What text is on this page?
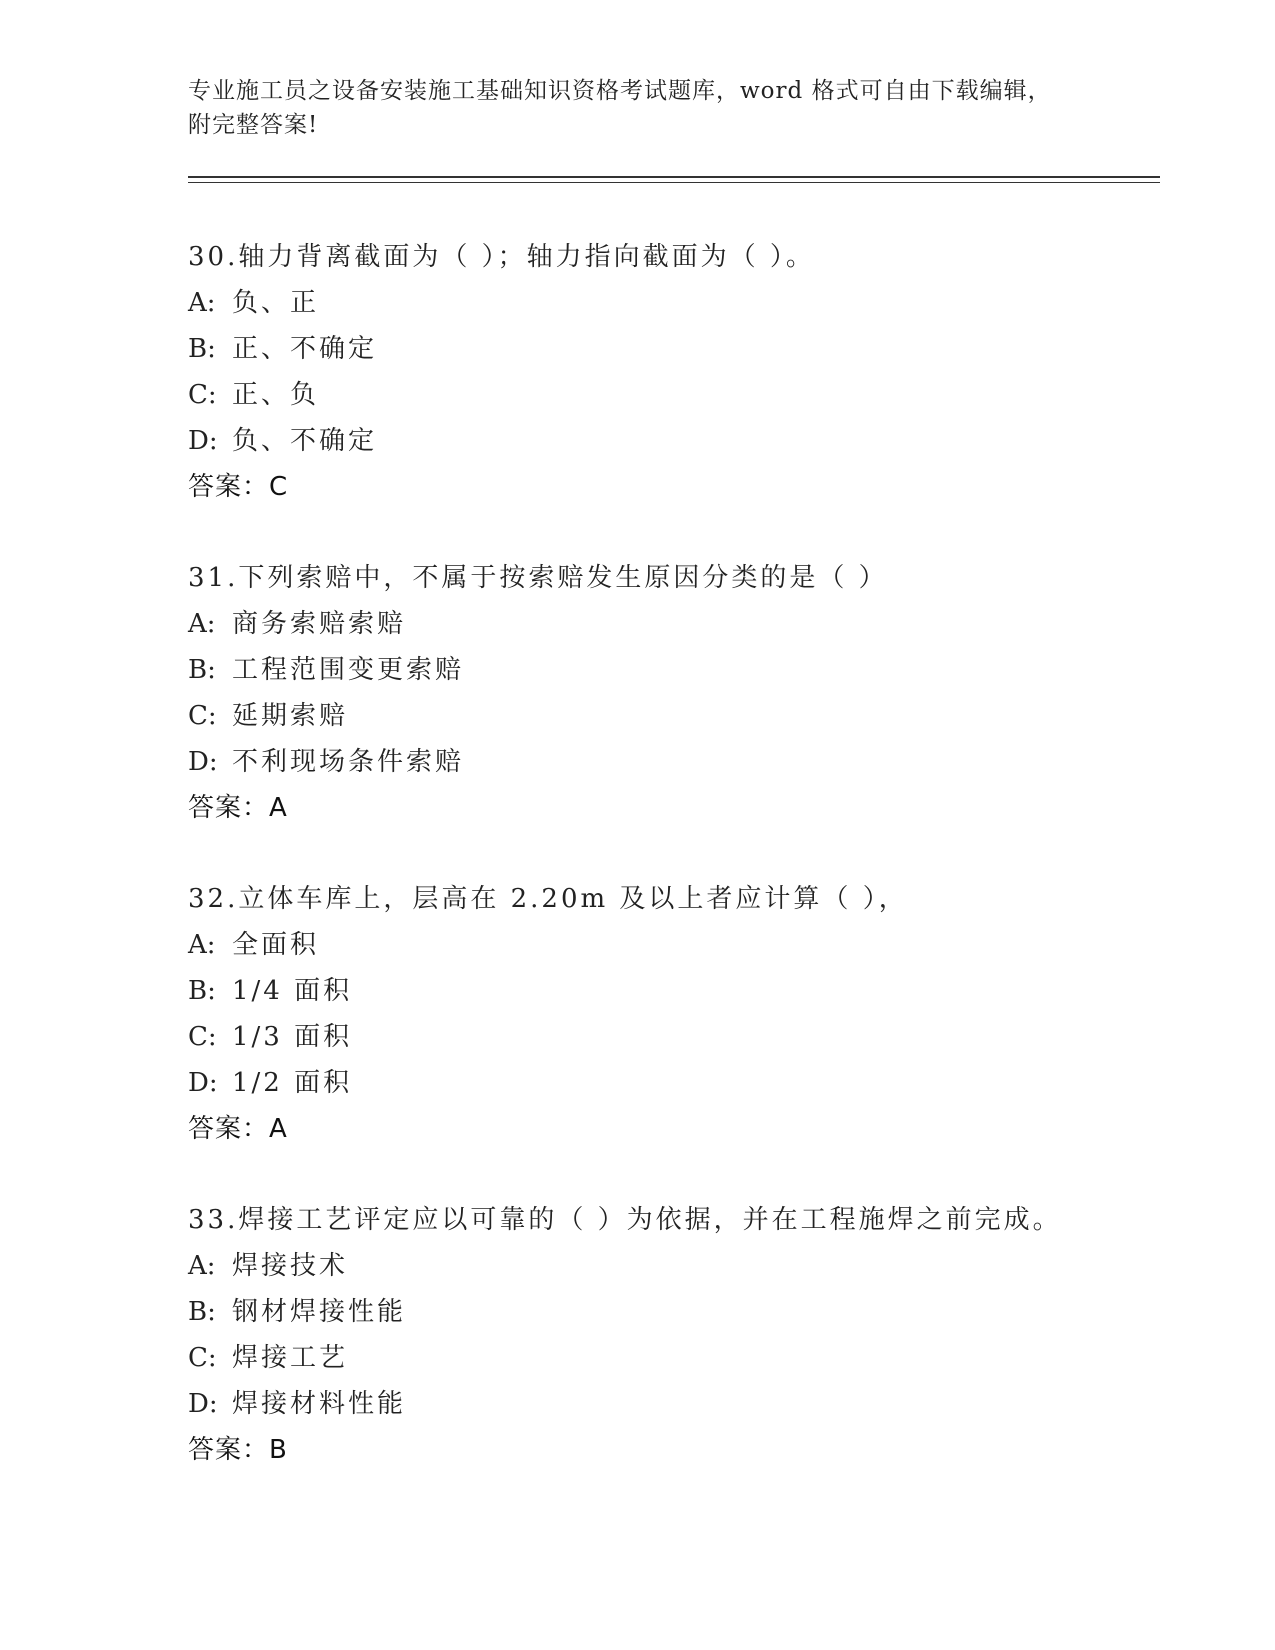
专业施工员之设备安装施工基础知识资格考试题库，word 格式可自由下载编辑，
附完整答案!
30.轴力背离截面为（ ）；轴力指向截面为（ ）。
A: 负、正
B: 正、不确定
C: 正、负
D: 负、不确定
答案：C
31.下列索赔中，不属于按索赔发生原因分类的是（ ）
A: 商务索赔索赔
B: 工程范围变更索赔
C: 延期索赔
D: 不利现场条件索赔
答案：A
32.立体车库上，层高在 2.20m 及以上者应计算（ ），
A: 全面积
B: 1/4 面积
C: 1/3 面积
D: 1/2 面积
答案：A
33.焊接工艺评定应以可靠的（ ）为依据，并在工程施焊之前完成。
A: 焊接技术
B: 钢材焊接性能
C: 焊接工艺
D: 焊接材料性能
答案：B
